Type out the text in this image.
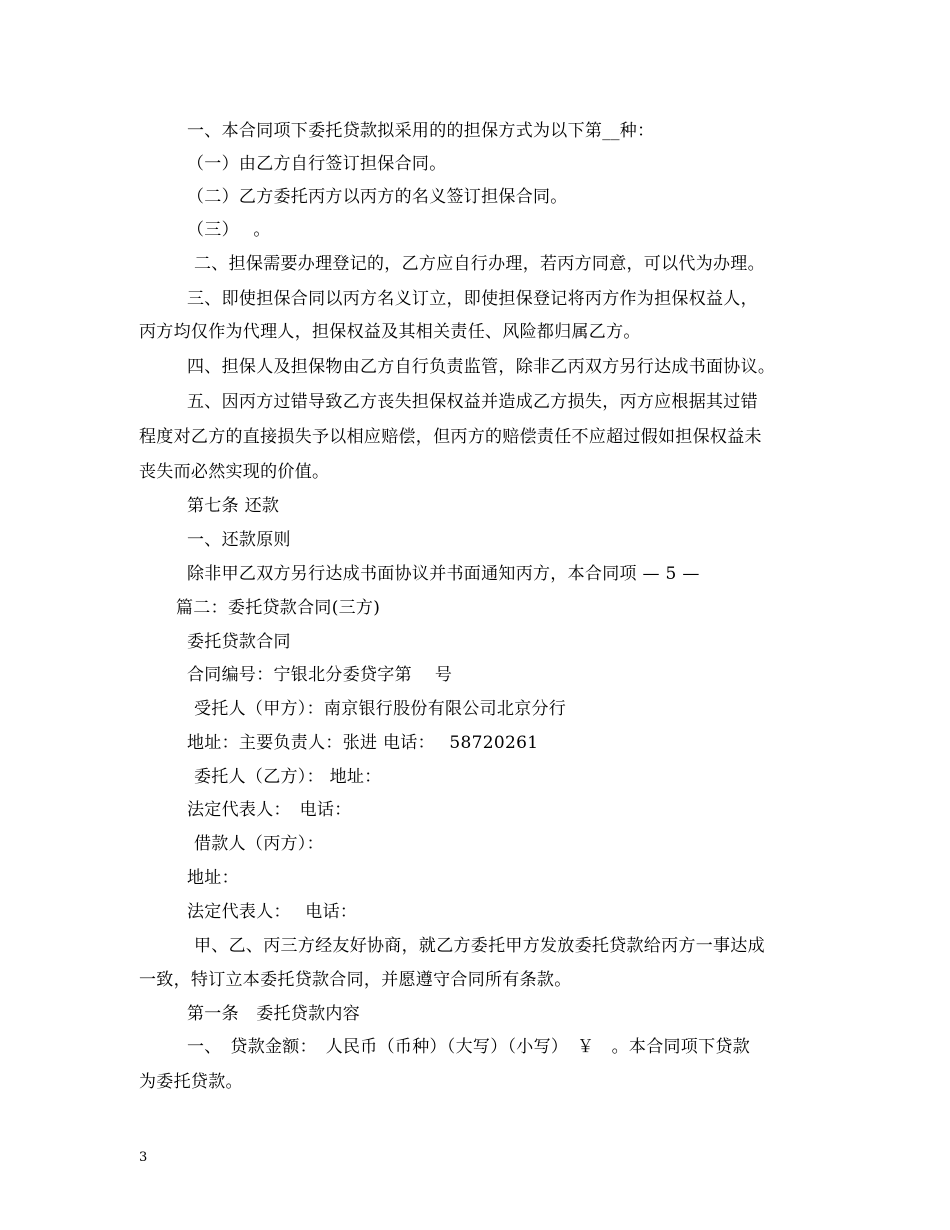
一、本合同项下委托贷款拟采用的的担保方式为以下第__种：
（一）由乙方自行签订担保合同。
（二）乙方委托丙方以丙方的名义签订担保合同。
（三）　 。
二、担保需要办理登记的，乙方应自行办理，若丙方同意，可以代为办理。
三、即使担保合同以丙方名义订立，即使担保登记将丙方作为担保权益人，
丙方均仅作为代理人，担保权益及其相关责任、风险都归属乙方。
四、担保人及担保物由乙方自行负责监管，除非乙丙双方另行达成书面协议。
五、因丙方过错导致乙方丧失担保权益并造成乙方损失，丙方应根据其过错
程度对乙方的直接损失予以相应赔偿，但丙方的赔偿责任不应超过假如担保权益未
丧失而必然实现的价值。
第七条 还款
一、还款原则
除非甲乙双方另行达成书面协议并书面通知丙方，本合同项 — 5 —
篇二：委托贷款合同(三方)
委托贷款合同
合同编号：宁银北分委贷字第　 号
受托人（甲方）：南京银行股份有限公司北京分行
地址：主要负责人：张进 电话：　 58720261
委托人（乙方）： 地址：
法定代表人：　电话：
借款人（丙方）：
地址：
法定代表人：　 电话：
甲、乙、丙三方经友好协商，就乙方委托甲方发放委托贷款给丙方一事达成
一致，特订立本委托贷款合同，并愿遵守合同所有条款。
第一条　委托贷款内容
一、　贷款金额：　人民币（币种）（大写）（小写）　￥　。本合同项下贷款
为委托贷款。
3
